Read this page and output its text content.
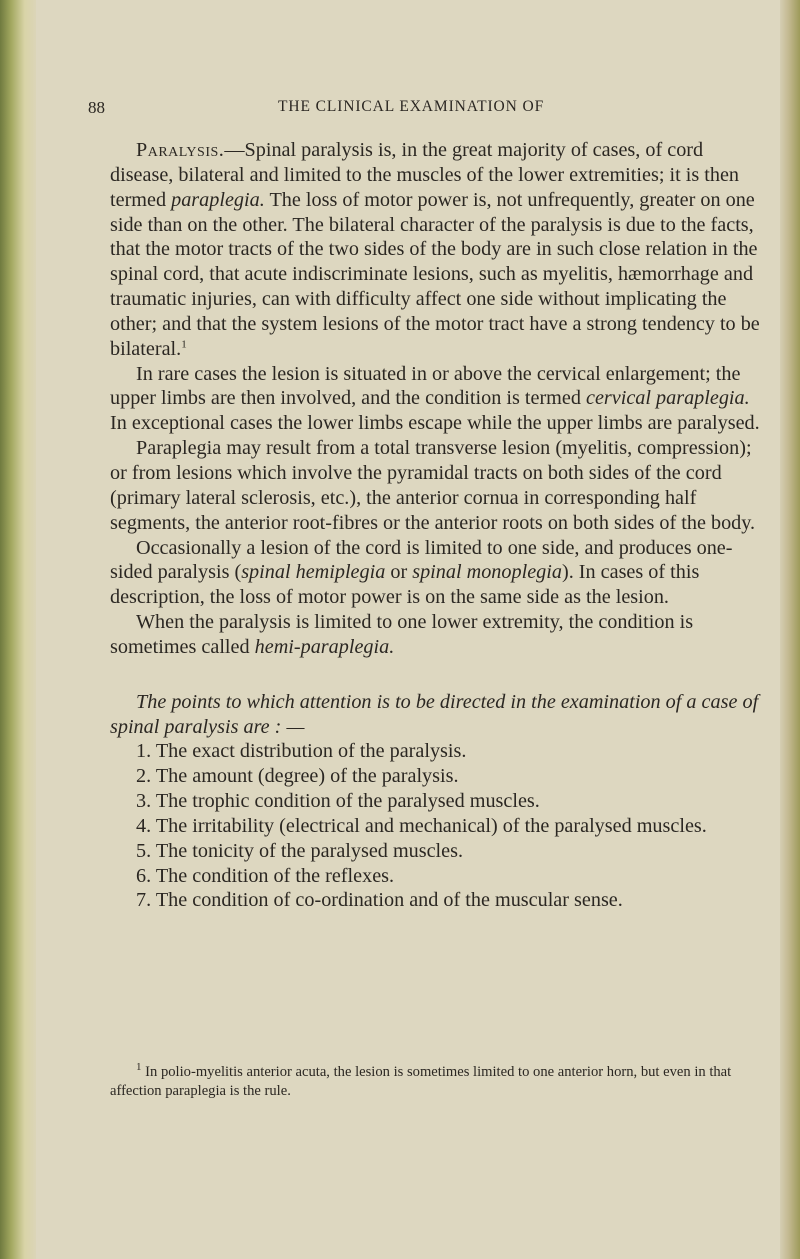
88	THE CLINICAL EXAMINATION OF

Paralysis.—Spinal paralysis is, in the great majority of cases, of cord disease, bilateral and limited to the muscles of the lower extremities; it is then termed paraplegia. The loss of motor power is, not unfrequently, greater on one side than on the other. The bilateral character of the paralysis is due to the facts, that the motor tracts of the two sides of the body are in such close relation in the spinal cord, that acute indiscriminate lesions, such as myelitis, hæmorrhage and traumatic injuries, can with difficulty affect one side without implicating the other; and that the system lesions of the motor tract have a strong tendency to be bilateral.$^1$

In rare cases the lesion is situated in or above the cervical enlargement; the upper limbs are then involved, and the condition is termed cervical paraplegia. In exceptional cases the lower limbs escape while the upper limbs are paralysed.

Paraplegia may result from a total transverse lesion (myelitis, compression); or from lesions which involve the pyramidal tracts on both sides of the cord (primary lateral sclerosis, etc.), the anterior cornua in corresponding half segments, the anterior root-fibres or the anterior roots on both sides of the body.

Occasionally a lesion of the cord is limited to one side, and produces one-sided paralysis (spinal hemiplegia or spinal monoplegia). In cases of this description, the loss of motor power is on the same side as the lesion.

When the paralysis is limited to one lower extremity, the condition is sometimes called hemi-paraplegia.

The points to which attention is to be directed in the examination of a case of spinal paralysis are : —

1. The exact distribution of the paralysis.

2. The amount (degree) of the paralysis.

3. The trophic condition of the paralysed muscles.

4. The irritability (electrical and mechanical) of the paralysed muscles.

5. The tonicity of the paralysed muscles.

6. The condition of the reflexes.

7. The condition of co-ordination and of the muscular sense.

$^1$ In polio-myelitis anterior acuta, the lesion is sometimes limited to one anterior horn, but even in that affection paraplegia is the rule.
